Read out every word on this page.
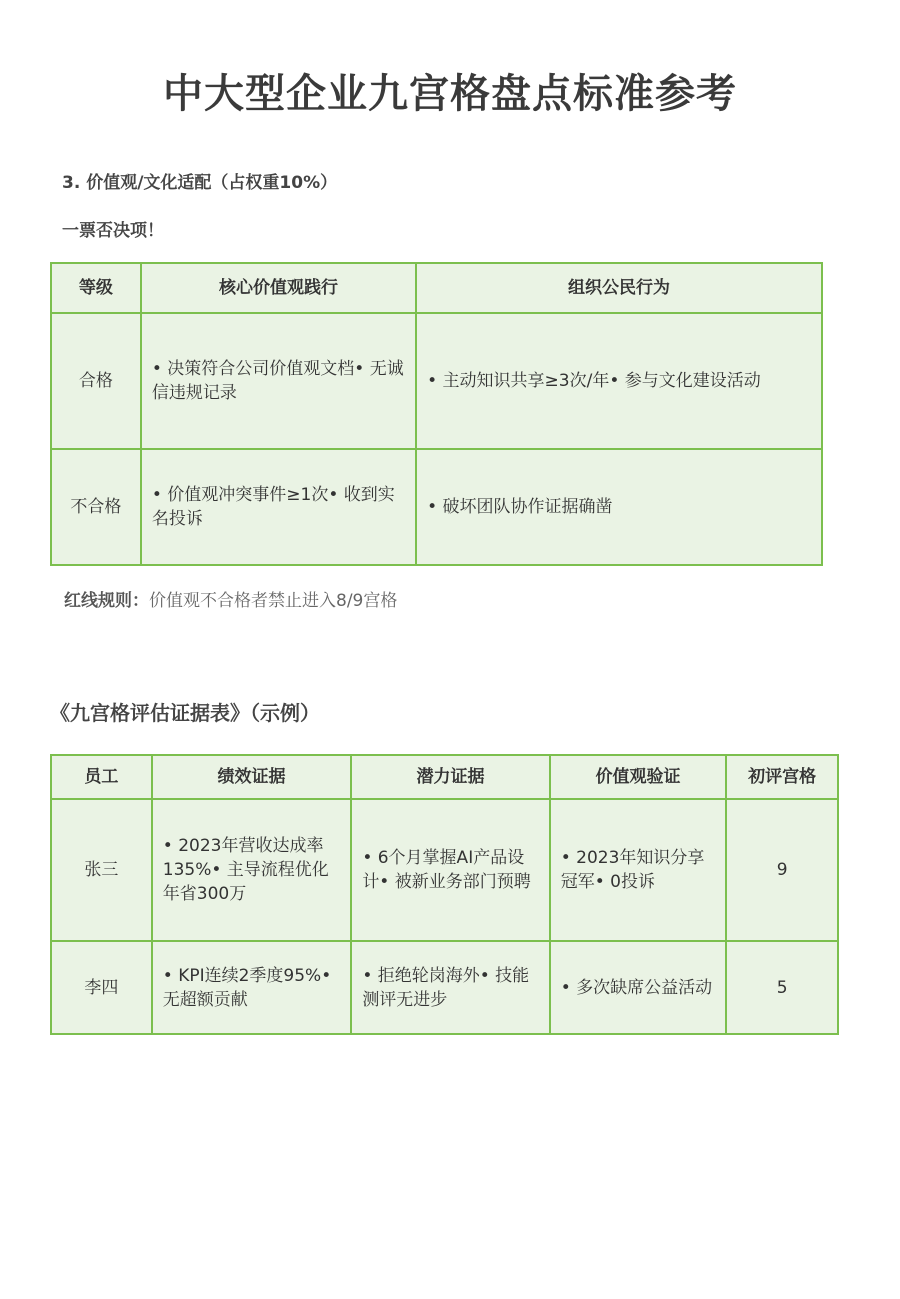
中大型企业九宫格盘点标准参考
3. 价值观/文化适配（占权重10%）
一票否决项！
等级	核心价值观践行	组织公民行为
合格	• 决策符合公司价值观文档• 无诚信违规记录	• 主动知识共享≥3次/年• 参与文化建设活动
不合格	• 价值观冲突事件≥1次• 收到实名投诉	• 破坏团队协作证据确凿
红线规则：价值观不合格者禁止进入8/9宫格
《九宫格评估证据表》（示例）
员工	绩效证据	潜力证据	价值观验证	初评宫格
张三	• 2023年营收达成率135%• 主导流程优化年省300万	• 6个月掌握AI产品设计• 被新业务部门预聘	• 2023年知识分享冠军• 0投诉	9
李四	• KPI连续2季度95%• 无超额贡献	• 拒绝轮岗海外• 技能测评无进步	• 多次缺席公益活动	5
